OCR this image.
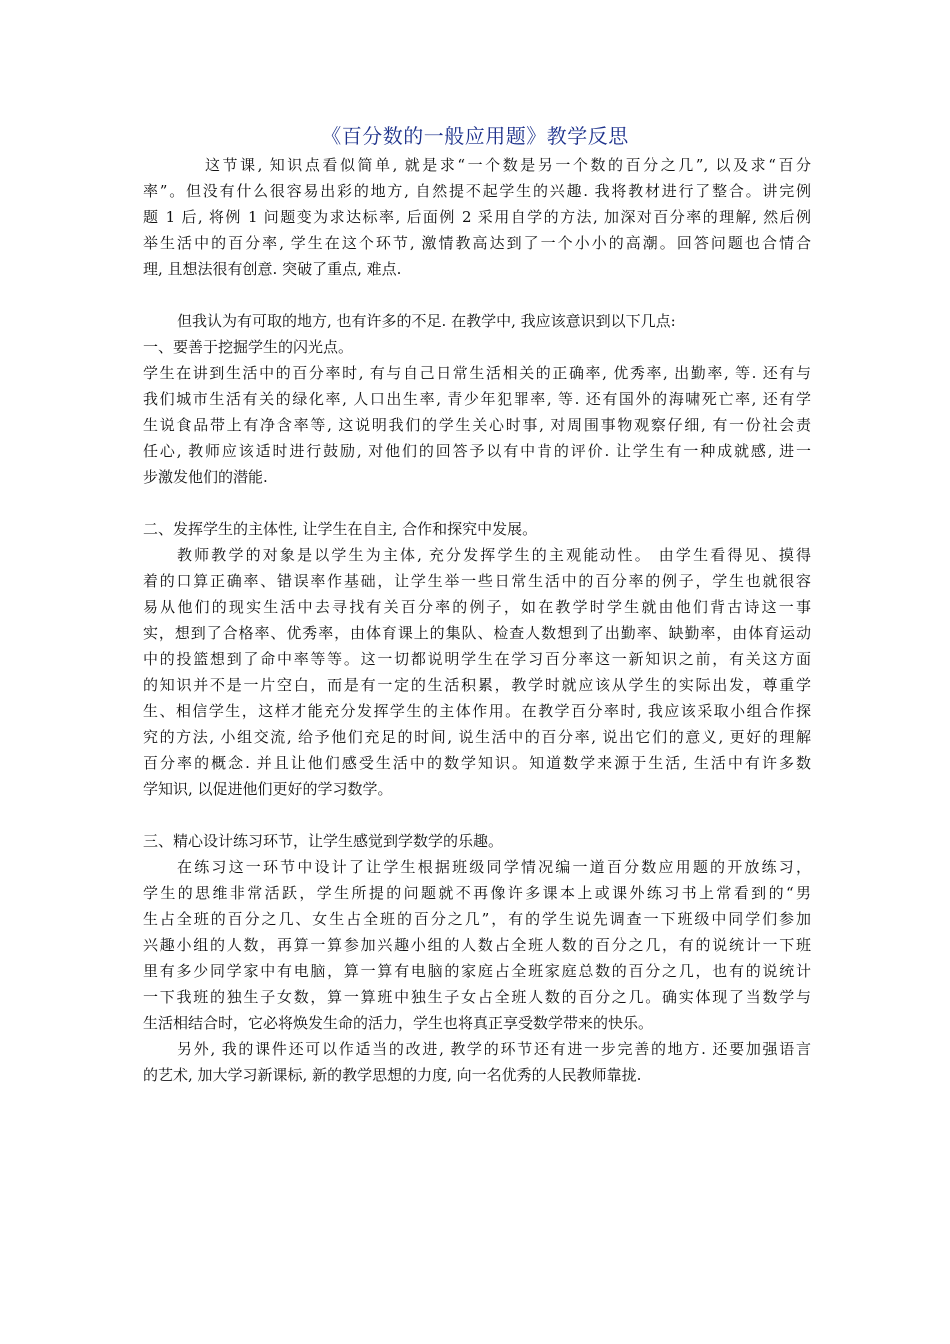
《百分数的一般应用题》教学反思
这节课, 知识点看似简单, 就是求“一个数是另一个数的百分之几”, 以及求“百分
率”。但没有什么很容易出彩的地方, 自然提不起学生的兴趣. 我将教材进行了整合。讲完例
题 1 后, 将例 1 问题变为求达标率, 后面例 2 采用自学的方法, 加深对百分率的理解, 然后例
举生活中的百分率, 学生在这个环节, 激情教高达到了一个小小的高潮。回答问题也合情合
理, 且想法很有创意. 突破了重点, 难点.
但我认为有可取的地方, 也有许多的不足. 在教学中, 我应该意识到以下几点:
一、要善于挖掘学生的闪光点。
学生在讲到生活中的百分率时, 有与自己日常生活相关的正确率, 优秀率, 出勤率, 等. 还有与
我们城市生活有关的绿化率, 人口出生率, 青少年犯罪率, 等. 还有国外的海啸死亡率, 还有学
生说食品带上有净含率等, 这说明我们的学生关心时事, 对周围事物观察仔细, 有一份社会责
任心, 教师应该适时进行鼓励, 对他们的回答予以有中肯的评价. 让学生有一种成就感, 进一
步激发他们的潜能.
二、发挥学生的主体性, 让学生在自主, 合作和探究中发展。
教师教学的对象是以学生为主体, 充分发挥学生的主观能动性。 由学生看得见、摸得
着的口算正确率、错误率作基础，让学生举一些日常生活中的百分率的例子，学生也就很容
易从他们的现实生活中去寻找有关百分率的例子，如在教学时学生就由他们背古诗这一事
实，想到了合格率、优秀率，由体育课上的集队、检查人数想到了出勤率、缺勤率，由体育运动
中的投篮想到了命中率等等。这一切都说明学生在学习百分率这一新知识之前，有关这方面
的知识并不是一片空白，而是有一定的生活积累，教学时就应该从学生的实际出发，尊重学
生、相信学生，这样才能充分发挥学生的主体作用。在教学百分率时, 我应该采取小组合作探
究的方法, 小组交流, 给予他们充足的时间, 说生活中的百分率, 说出它们的意义, 更好的理解
百分率的概念. 并且让他们感受生活中的数学知识。知道数学来源于生活, 生活中有许多数
学知识, 以促进他们更好的学习数学。
三、精心设计练习环节，让学生感觉到学数学的乐趣。
在练习这一环节中设计了让学生根据班级同学情况编一道百分数应用题的开放练习，
学生的思维非常活跃，学生所提的问题就不再像许多课本上或课外练习书上常看到的“男
生占全班的百分之几、女生占全班的百分之几”，有的学生说先调查一下班级中同学们参加
兴趣小组的人数，再算一算参加兴趣小组的人数占全班人数的百分之几，有的说统计一下班
里有多少同学家中有电脑，算一算有电脑的家庭占全班家庭总数的百分之几，也有的说统计
一下我班的独生子女数，算一算班中独生子女占全班人数的百分之几。确实体现了当数学与
生活相结合时，它必将焕发生命的活力，学生也将真正享受数学带来的快乐。
另外, 我的课件还可以作适当的改进, 教学的环节还有进一步完善的地方. 还要加强语言
的艺术, 加大学习新课标, 新的教学思想的力度, 向一名优秀的人民教师靠拢.
